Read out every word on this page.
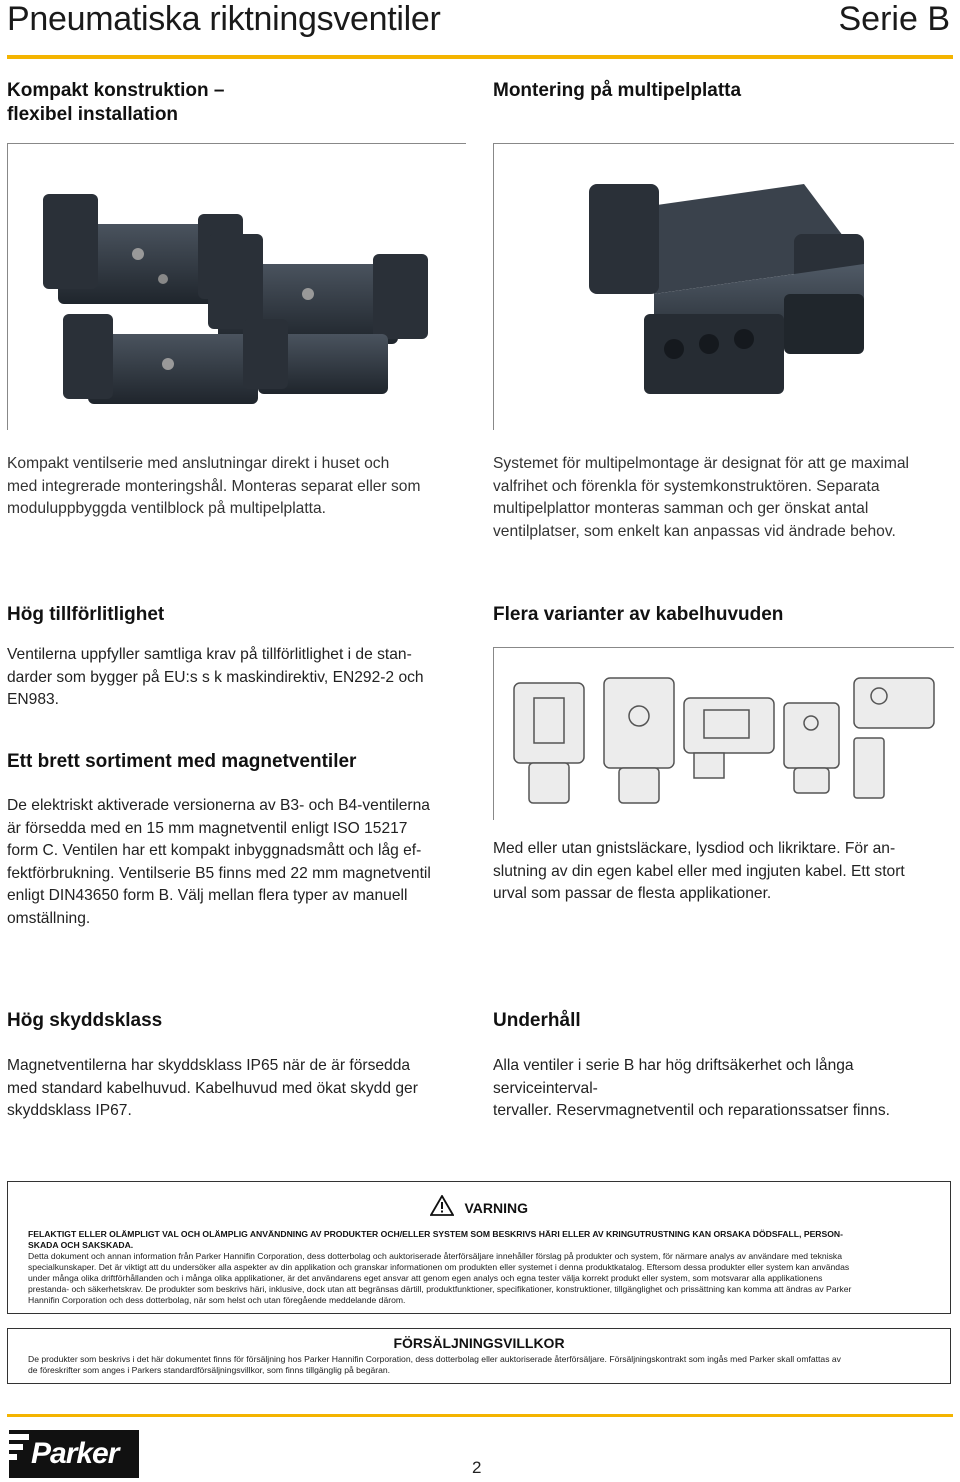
Pneumatiska riktningsventiler	Serie B
Kompakt konstruktion –
flexibel installation
Montering på multipelplatta
Kompakt ventilserie med anslutningar direkt i huset och
med integrerade monteringshål. Monteras separat eller som
moduluppbyggda ventilblock på multipelplatta.
Systemet för multipelmontage är designat för att ge maximal
valfrihet och förenkla för systemkonstruktören. Separata
multipelplattor monteras samman och ger önskat antal
ventilplatser, som enkelt kan anpassas vid ändrade behov.
Hög tillförlitlighet
Ventilerna uppfyller samtliga krav på tillförlitlighet i de stan-
darder som bygger på EU:s s k maskindirektiv, EN292-2 och
EN983.
Flera varianter av kabelhuvuden
Med eller utan gnistsläckare, lysdiod och likriktare. För an-
slutning av din egen kabel eller med ingjuten kabel. Ett stort
urval som passar de flesta applikationer.
Ett brett sortiment med magnetventiler
De elektriskt aktiverade versionerna av B3- och B4-ventilerna
är försedda med en 15 mm magnetventil enligt ISO 15217
form C. Ventilen har ett kompakt inbyggnadsmått och låg ef-
fektförbrukning. Ventilserie B5 finns med 22 mm magnetventil
enligt DIN43650 form B. Välj mellan flera typer av manuell
omställning.
Hög skyddsklass
Magnetventilerna har skyddsklass IP65 när de är försedda
med standard kabelhuvud. Kabelhuvud med ökat skydd ger
skyddsklass IP67.
Underhåll
Alla ventiler i serie B har hög driftsäkerhet och långa serviceinterval-
tervaller. Reservmagnetventil och reparationssatser finns.
VARNING
FELAKTIGT ELLER OLÄMPLIGT VAL OCH OLÄMPLIG ANVÄNDNING AV PRODUKTER OCH/ELLER SYSTEM SOM BESKRIVS HÄRI ELLER AV KRINGUTRUSTNING KAN ORSAKA DÖDSFALL, PERSON-
SKADA OCH SAKSKADA.
Detta dokument och annan information från Parker Hannifin Corporation, dess dotterbolag och auktoriserade återförsäljare innehåller förslag på produkter och system, för närmare analys av användare med tekniska
specialkunskaper. Det är viktigt att du undersöker alla aspekter av din applikation och granskar informationen om produkten eller systemet i denna produktkatalog. Eftersom dessa produkter eller system kan användas
under många olika driftförhållanden och i många olika applikationer, är det användarens eget ansvar att genom egen analys och egna tester välja korrekt produkt eller system, som motsvarar alla applikationens
prestanda- och säkerhetskrav. De produkter som beskrivs häri, inklusive, dock utan att begränsas därtill, produktfunktioner, specifikationer, konstruktioner, tillgänglighet och prissättning kan komma att ändras av Parker
Hannifin Corporation och dess dotterbolag, när som helst och utan föregående meddelande därom.
FÖRSÄLJNINGSVILLKOR
De produkter som beskrivs i det här dokumentet finns för försäljning hos Parker Hannifin Corporation, dess dotterbolag eller auktoriserade återförsäljare. Försäljningskontrakt som ingås med Parker skall omfattas av
de föreskrifter som anges i Parkers standardförsäljningsvillkor, som finns tillgänglig på begäran.
Parker	2
